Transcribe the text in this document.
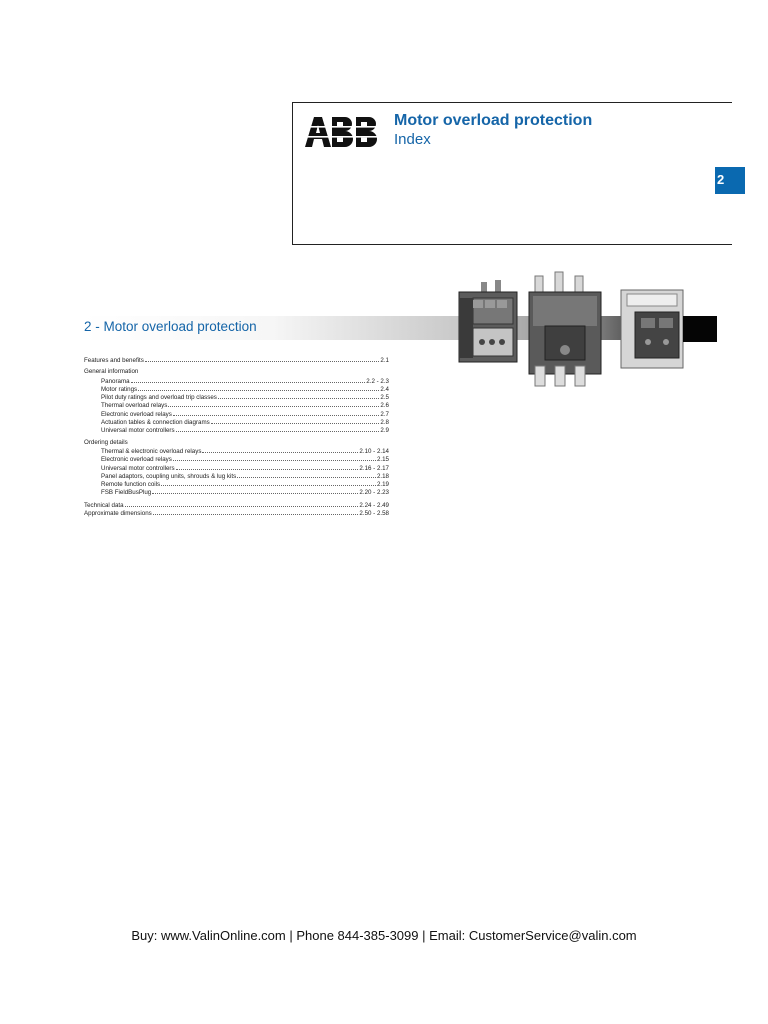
Motor overload protection
Index
2
2 - Motor overload protection
Features and benefits	2.1
General information
Panorama	2.2 - 2.3
Motor ratings	2.4
Pilot duty ratings and overload trip classes	2.5
Thermal overload relays	2.6
Electronic overload relays	2.7
Actuation tables & connection diagrams	2.8
Universal motor controllers	2.9
Ordering details
Thermal & electronic overload relays	2.10 - 2.14
Electronic overload relays	2.15
Universal motor controllers	2.16 - 2.17
Panel adaptors, coupling units, shrouds & lug kits	2.18
Remote function coils	2.19
FSB FieldBusPlug	2.20 - 2.23
Technical data	2.24 - 2.49
Approximate dimensions	2.50 - 2.58
Buy: www.ValinOnline.com | Phone 844-385-3099 | Email: CustomerService@valin.com
